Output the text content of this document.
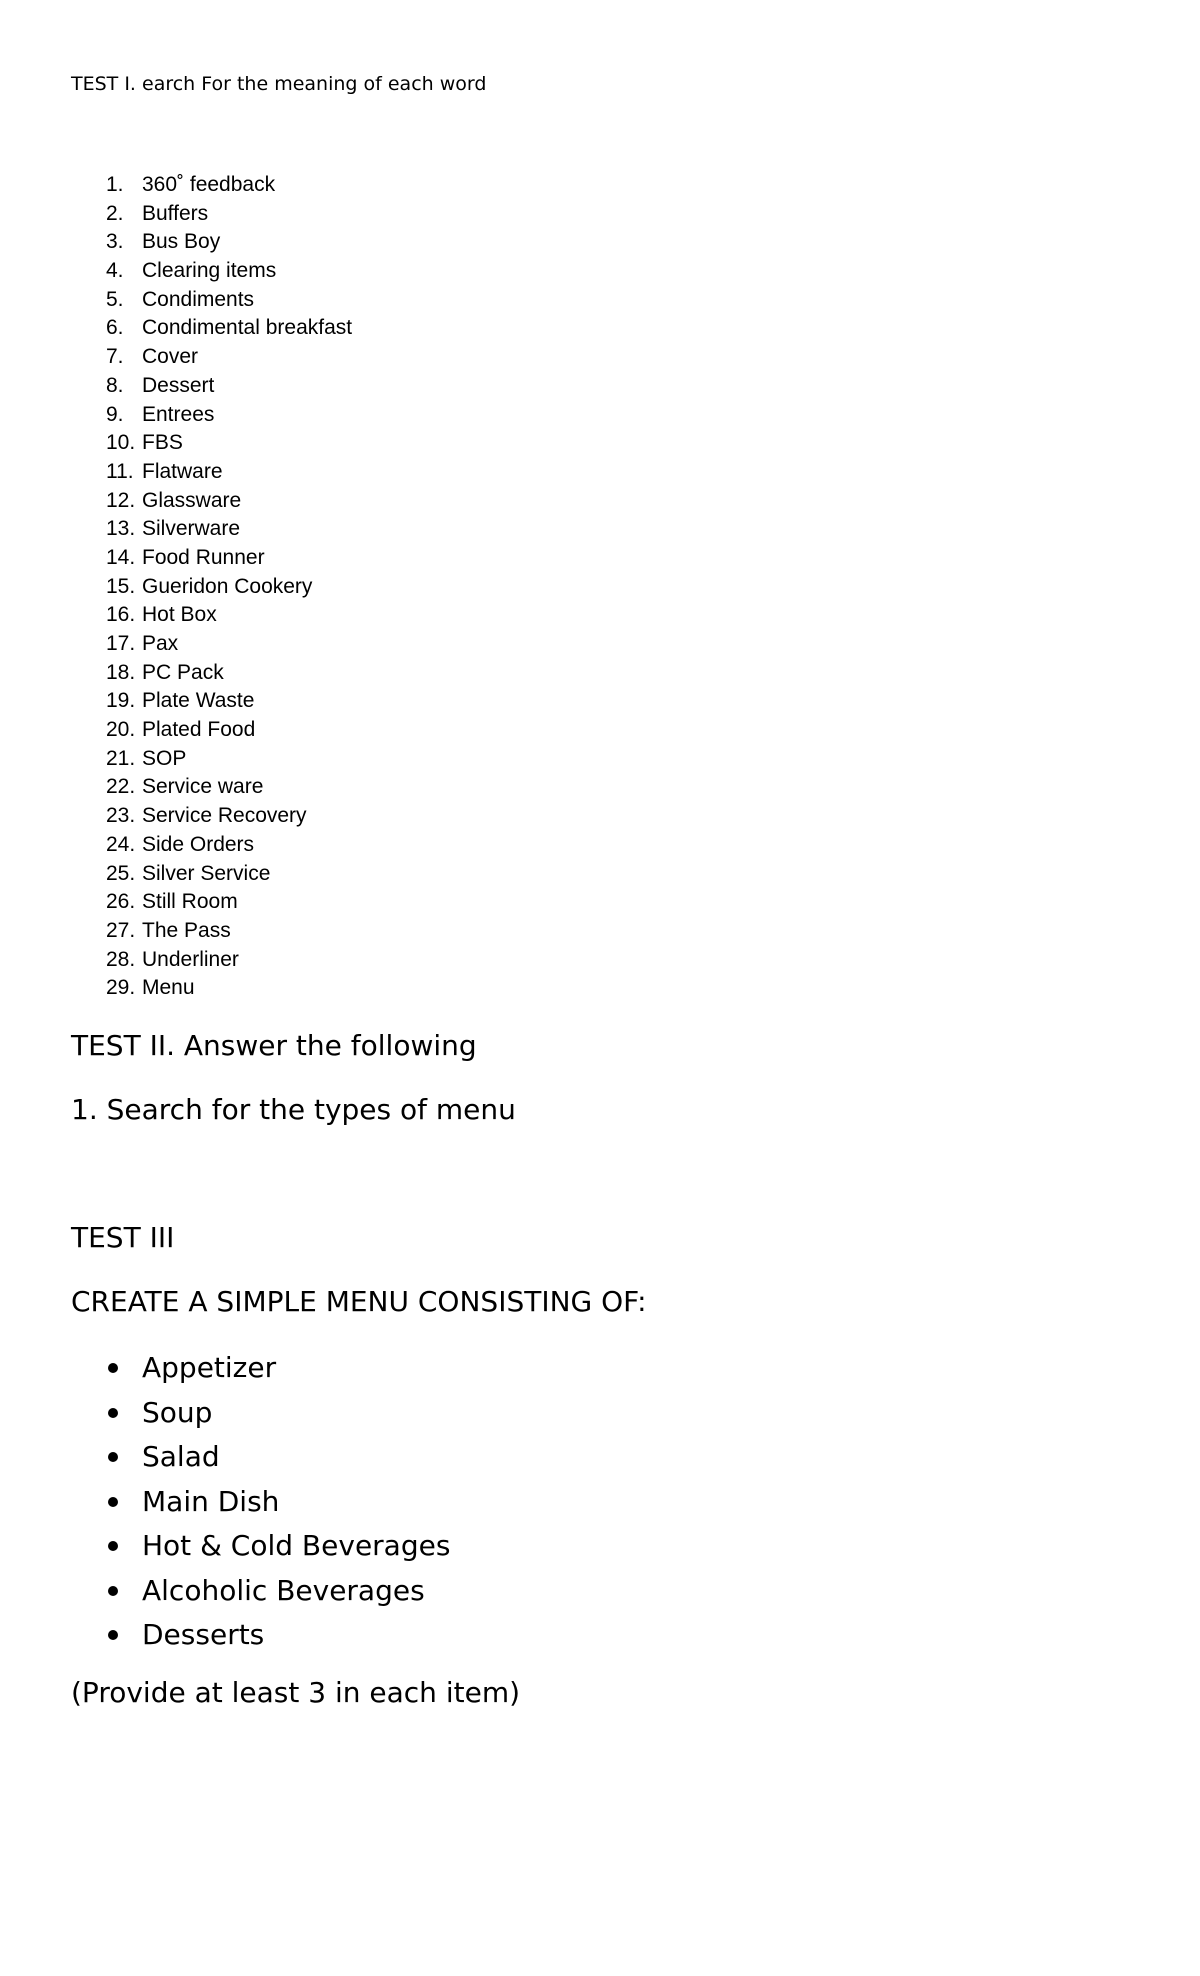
TEST I. earch For the meaning of each word
1. 360˚ feedback
2. Buffers
3. Bus Boy
4. Clearing items
5. Condiments
6. Condimental breakfast
7. Cover
8. Dessert
9. Entrees
10. FBS
11. Flatware
12. Glassware
13. Silverware
14. Food Runner
15. Gueridon Cookery
16. Hot Box
17. Pax
18. PC Pack
19. Plate Waste
20. Plated Food
21. SOP
22. Service ware
23. Service Recovery
24. Side Orders
25. Silver Service
26. Still Room
27. The Pass
28. Underliner
29. Menu
TEST II. Answer the following
1. Search for the types of menu
TEST III
CREATE A SIMPLE MENU CONSISTING OF:
Appetizer
Soup
Salad
Main Dish
Hot & Cold Beverages
Alcoholic Beverages
Desserts
(Provide at least 3 in each item)
